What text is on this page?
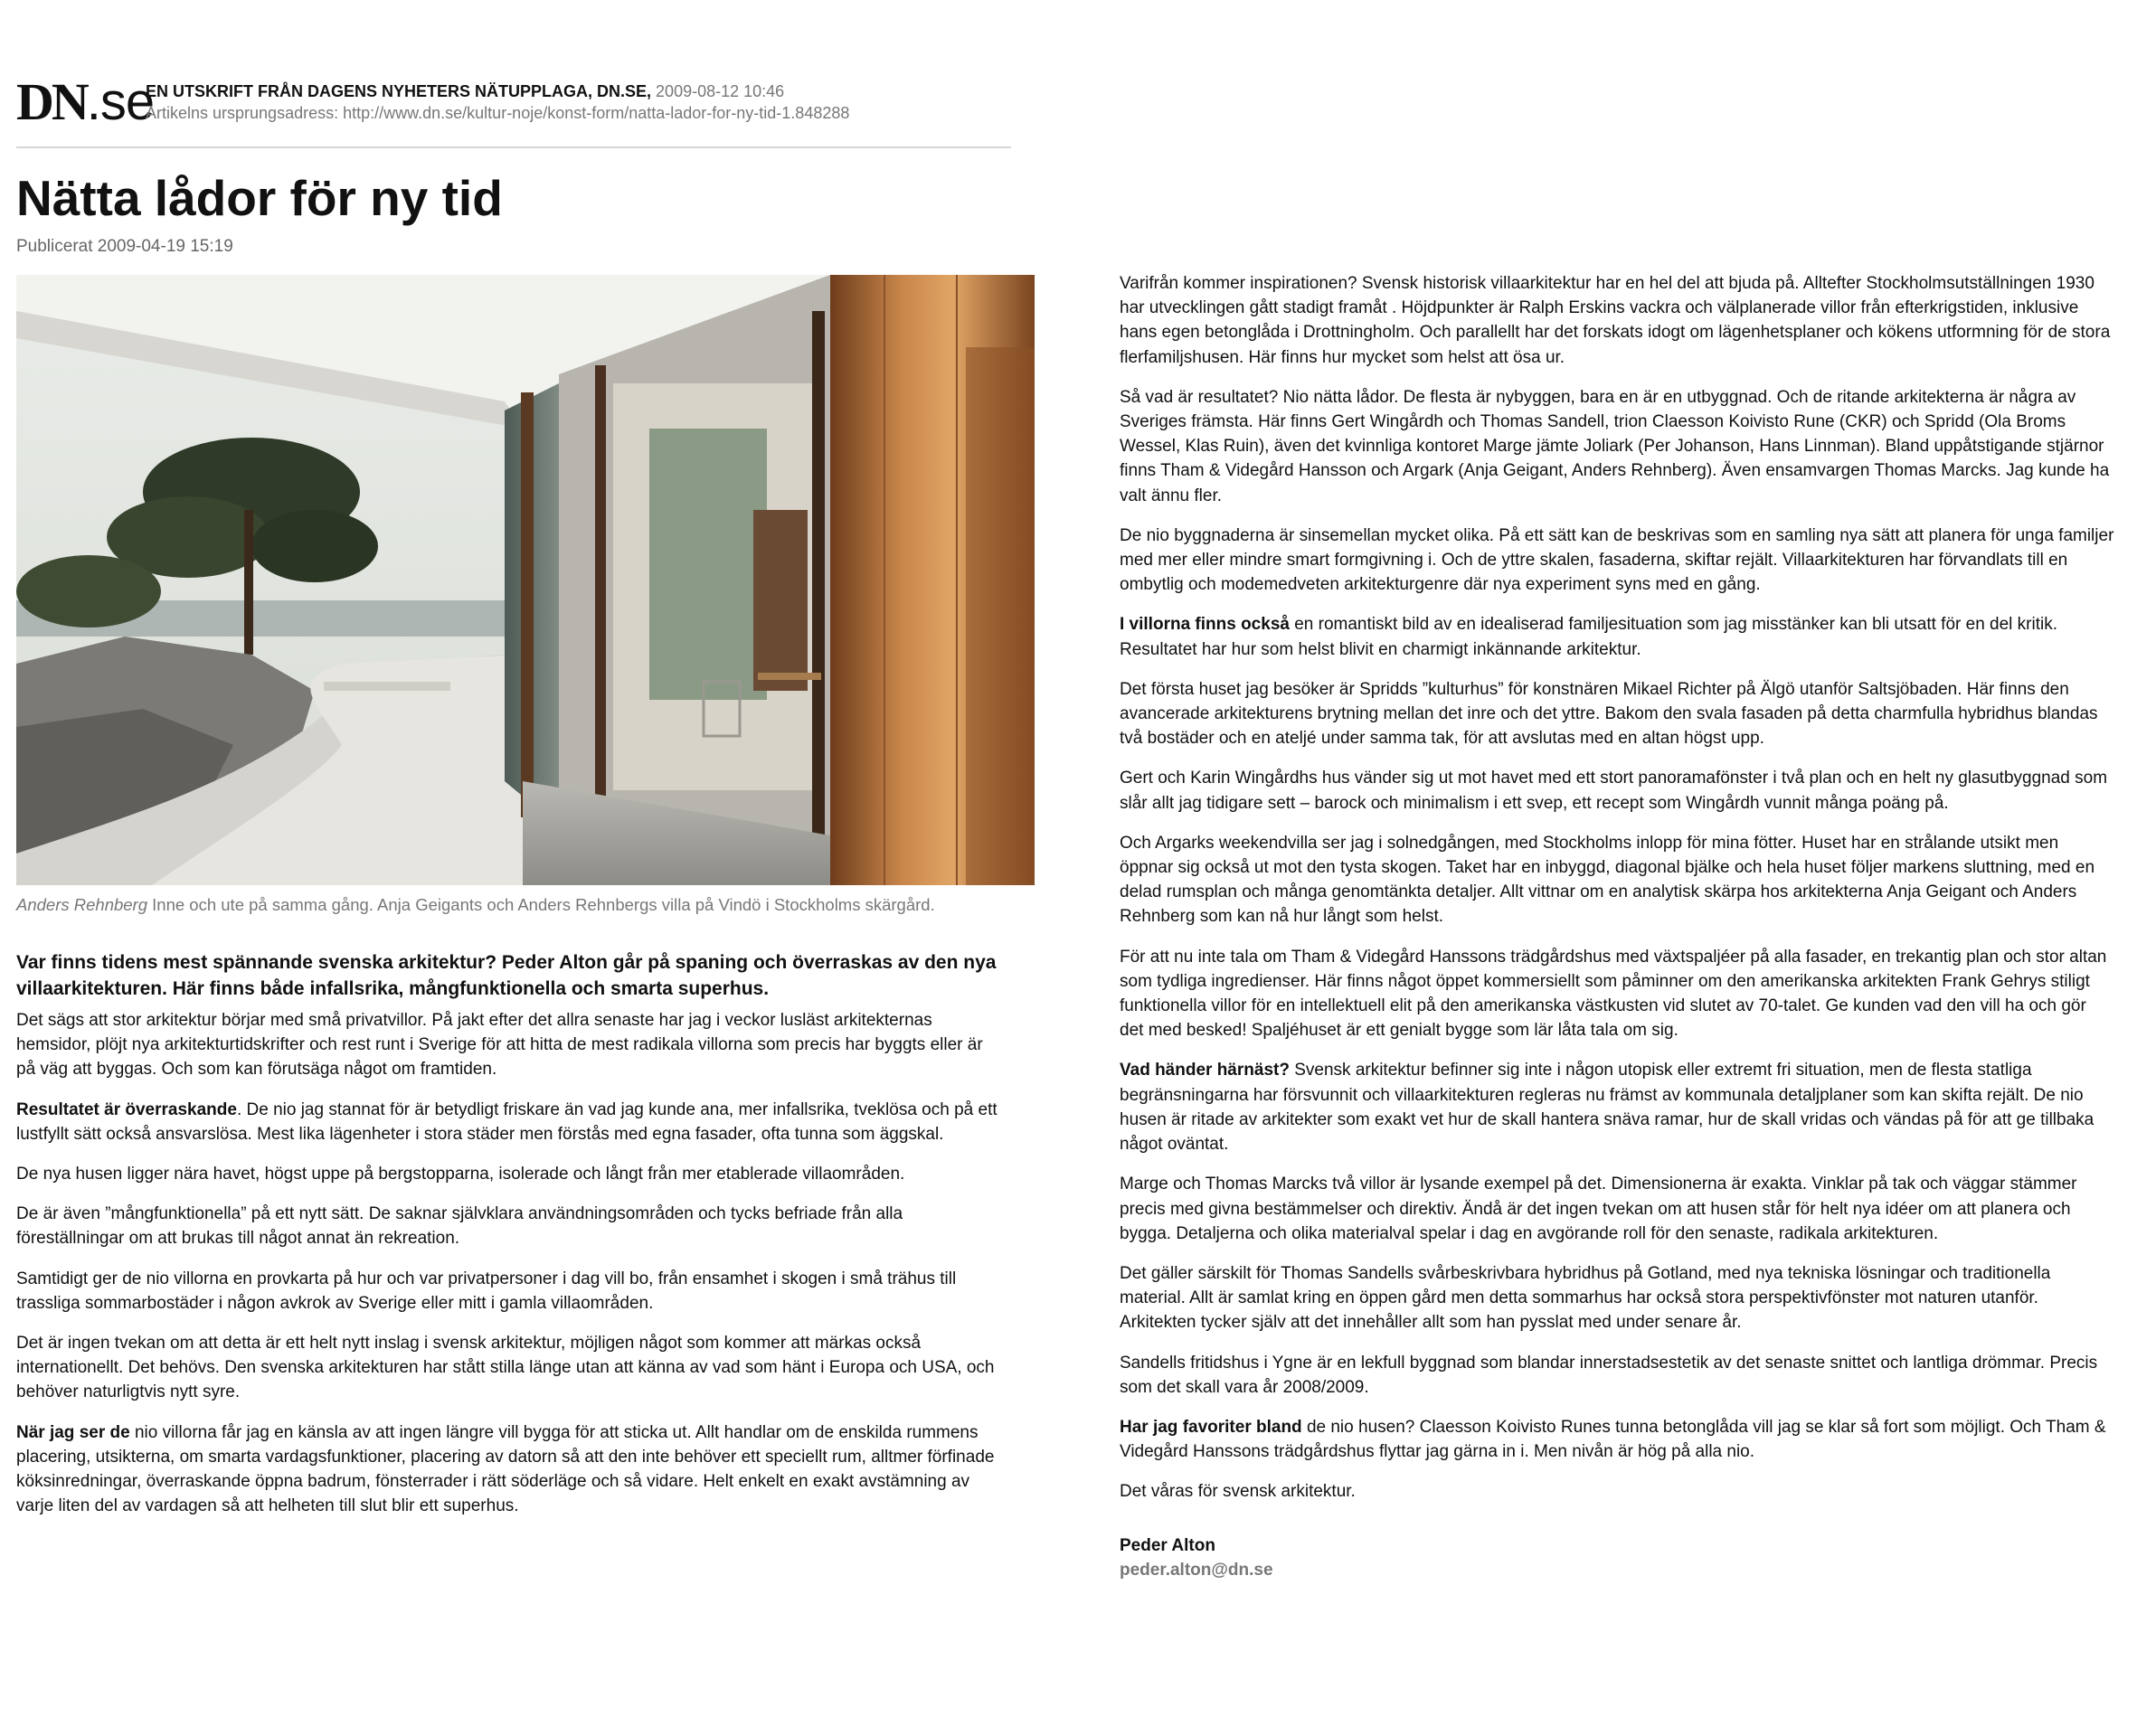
DN.se
EN UTSKRIFT FRÅN DAGENS NYHETERS NÄTUPPLAGA, DN.SE, 2009-08-12 10:46
Artikelns ursprungsadress: http://www.dn.se/kultur-noje/konst-form/natta-lador-for-ny-tid-1.848288
Nätta lådor för ny tid
Publicerat 2009-04-19 15:19
Anders Rehnberg Inne och ute på samma gång. Anja Geigants och Anders Rehnbergs villa på Vindö i Stockholms skärgård.

Var finns tidens mest spännande svenska arkitektur? Peder Alton går på spaning och överraskas av den nya villaarkitekturen. Här finns både infallsrika, mångfunktionella och smarta superhus.

Det sägs att stor arkitektur börjar med små privatvillor. På jakt efter det allra senaste har jag i veckor lusläst arkitekternas hemsidor, plöjt nya arkitekturtidskrifter och rest runt i Sverige för att hitta de mest radikala villorna som precis har byggts eller är på väg att byggas. Och som kan förutsäga något om framtiden.

Resultatet är överraskande. De nio jag stannat för är betydligt friskare än vad jag kunde ana, mer infallsrika, tveklösa och på ett lustfyllt sätt också ansvarslösa. Mest lika lägenheter i stora städer men förstås med egna fasader, ofta tunna som äggskal.

De nya husen ligger nära havet, högst uppe på bergstopparna, isolerade och långt från mer etablerade villaområden.

De är även ”mångfunktionella” på ett nytt sätt. De saknar självklara användningsområden och tycks befriade från alla föreställningar om att brukas till något annat än rekreation.

Samtidigt ger de nio villorna en provkarta på hur och var privatpersoner i dag vill bo, från ensamhet i skogen i små trähus till trassliga sommarbostäder i någon avkrok av Sverige eller mitt i gamla villaområden.

Det är ingen tvekan om att detta är ett helt nytt inslag i svensk arkitektur, möjligen något som kommer att märkas också internationellt. Det behövs. Den svenska arkitekturen har stått stilla länge utan att känna av vad som hänt i Europa och USA, och behöver naturligtvis nytt syre.

När jag ser de nio villorna får jag en känsla av att ingen längre vill bygga för att sticka ut. Allt handlar om de enskilda rummens placering, utsikterna, om smarta vardagsfunktioner, placering av datorn så att den inte behöver ett speciellt rum, alltmer förfinade köksinredningar, överraskande öppna badrum, fönsterrader i rätt söderläge och så vidare. Helt enkelt en exakt avstämning av varje liten del av vardagen så att helheten till slut blir ett superhus.

Varifrån kommer inspirationen? Svensk historisk villaarkitektur har en hel del att bjuda på. Alltefter Stockholmsutställningen 1930 har utvecklingen gått stadigt framåt . Höjdpunkter är Ralph Erskins vackra och välplanerade villor från efterkrigstiden, inklusive hans egen betonglåda i Drottningholm. Och parallellt har det forskats idogt om lägenhetsplaner och kökens utformning för de stora flerfamiljshusen. Här finns hur mycket som helst att ösa ur.

Så vad är resultatet? Nio nätta lådor. De flesta är nybyggen, bara en är en utbyggnad. Och de ritande arkitekterna är några av Sveriges främsta. Här finns Gert Wingårdh och Thomas Sandell, trion Claesson Koivisto Rune (CKR) och Spridd (Ola Broms Wessel, Klas Ruin), även det kvinnliga kontoret Marge jämte Joliark (Per Johanson, Hans Linnman). Bland uppåtstigande stjärnor finns Tham & Videgård Hansson och Argark (Anja Geigant, Anders Rehnberg). Även ensamvargen Thomas Marcks. Jag kunde ha valt ännu fler.

De nio byggnaderna är sinsemellan mycket olika. På ett sätt kan de beskrivas som en samling nya sätt att planera för unga familjer med mer eller mindre smart formgivning i. Och de yttre skalen, fasaderna, skiftar rejält. Villaarkitekturen har förvandlats till en ombytlig och modemedveten arkitekturgenre där nya experiment syns med en gång.

I villorna finns också en romantiskt bild av en idealiserad familjesituation som jag misstänker kan bli utsatt för en del kritik. Resultatet har hur som helst blivit en charmigt inkännande arkitektur.

Det första huset jag besöker är Spridds ”kulturhus” för konstnären Mikael Richter på Älgö utanför Saltsjöbaden. Här finns den avancerade arkitekturens brytning mellan det inre och det yttre. Bakom den svala fasaden på detta charmfulla hybridhus blandas två bostäder och en ateljé under samma tak, för att avslutas med en altan högst upp.

Gert och Karin Wingårdhs hus vänder sig ut mot havet med ett stort panoramafönster i två plan och en helt ny glasutbyggnad som slår allt jag tidigare sett – barock och minimalism i ett svep, ett recept som Wingårdh vunnit många poäng på.

Och Argarks weekendvilla ser jag i solnedgången, med Stockholms inlopp för mina fötter. Huset har en strålande utsikt men öppnar sig också ut mot den tysta skogen. Taket har en inbyggd, diagonal bjälke och hela huset följer markens sluttning, med en delad rumsplan och många genomtänkta detaljer. Allt vittnar om en analytisk skärpa hos arkitekterna Anja Geigant och Anders Rehnberg som kan nå hur långt som helst.

För att nu inte tala om Tham & Videgård Hanssons trädgårdshus med växtspaljéer på alla fasader, en trekantig plan och stor altan som tydliga ingredienser. Här finns något öppet kommersiellt som påminner om den amerikanska arkitekten Frank Gehrys stiligt funktionella villor för en intellektuell elit på den amerikanska västkusten vid slutet av 70-talet. Ge kunden vad den vill ha och gör det med besked! Spaljéhuset är ett genialt bygge som lär låta tala om sig.

Vad händer härnäst? Svensk arkitektur befinner sig inte i någon utopisk eller extremt fri situation, men de flesta statliga begränsningarna har försvunnit och villaarkitekturen regleras nu främst av kommunala detaljplaner som kan skifta rejält. De nio husen är ritade av arkitekter som exakt vet hur de skall hantera snäva ramar, hur de skall vridas och vändas på för att ge tillbaka något oväntat.

Marge och Thomas Marcks två villor är lysande exempel på det. Dimensionerna är exakta. Vinklar på tak och väggar stämmer precis med givna bestämmelser och direktiv. Ändå är det ingen tvekan om att husen står för helt nya idéer om att planera och bygga. Detaljerna och olika materialval spelar i dag en avgörande roll för den senaste, radikala arkitekturen.

Det gäller särskilt för Thomas Sandells svårbeskrivbara hybridhus på Gotland, med nya tekniska lösningar och traditionella material. Allt är samlat kring en öppen gård men detta sommarhus har också stora perspektivfönster mot naturen utanför. Arkitekten tycker själv att det innehåller allt som han pysslat med under senare år.

Sandells fritidshus i Ygne är en lekfull byggnad som blandar innerstadsestetik av det senaste snittet och lantliga drömmar. Precis som det skall vara år 2008/2009.

Har jag favoriter bland de nio husen? Claesson Koivisto Runes tunna betonglåda vill jag se klar så fort som möjligt. Och Tham & Videgård Hanssons trädgårdshus flyttar jag gärna in i. Men nivån är hög på alla nio.

Det våras för svensk arkitektur.

Peder Alton
peder.alton@dn.se
